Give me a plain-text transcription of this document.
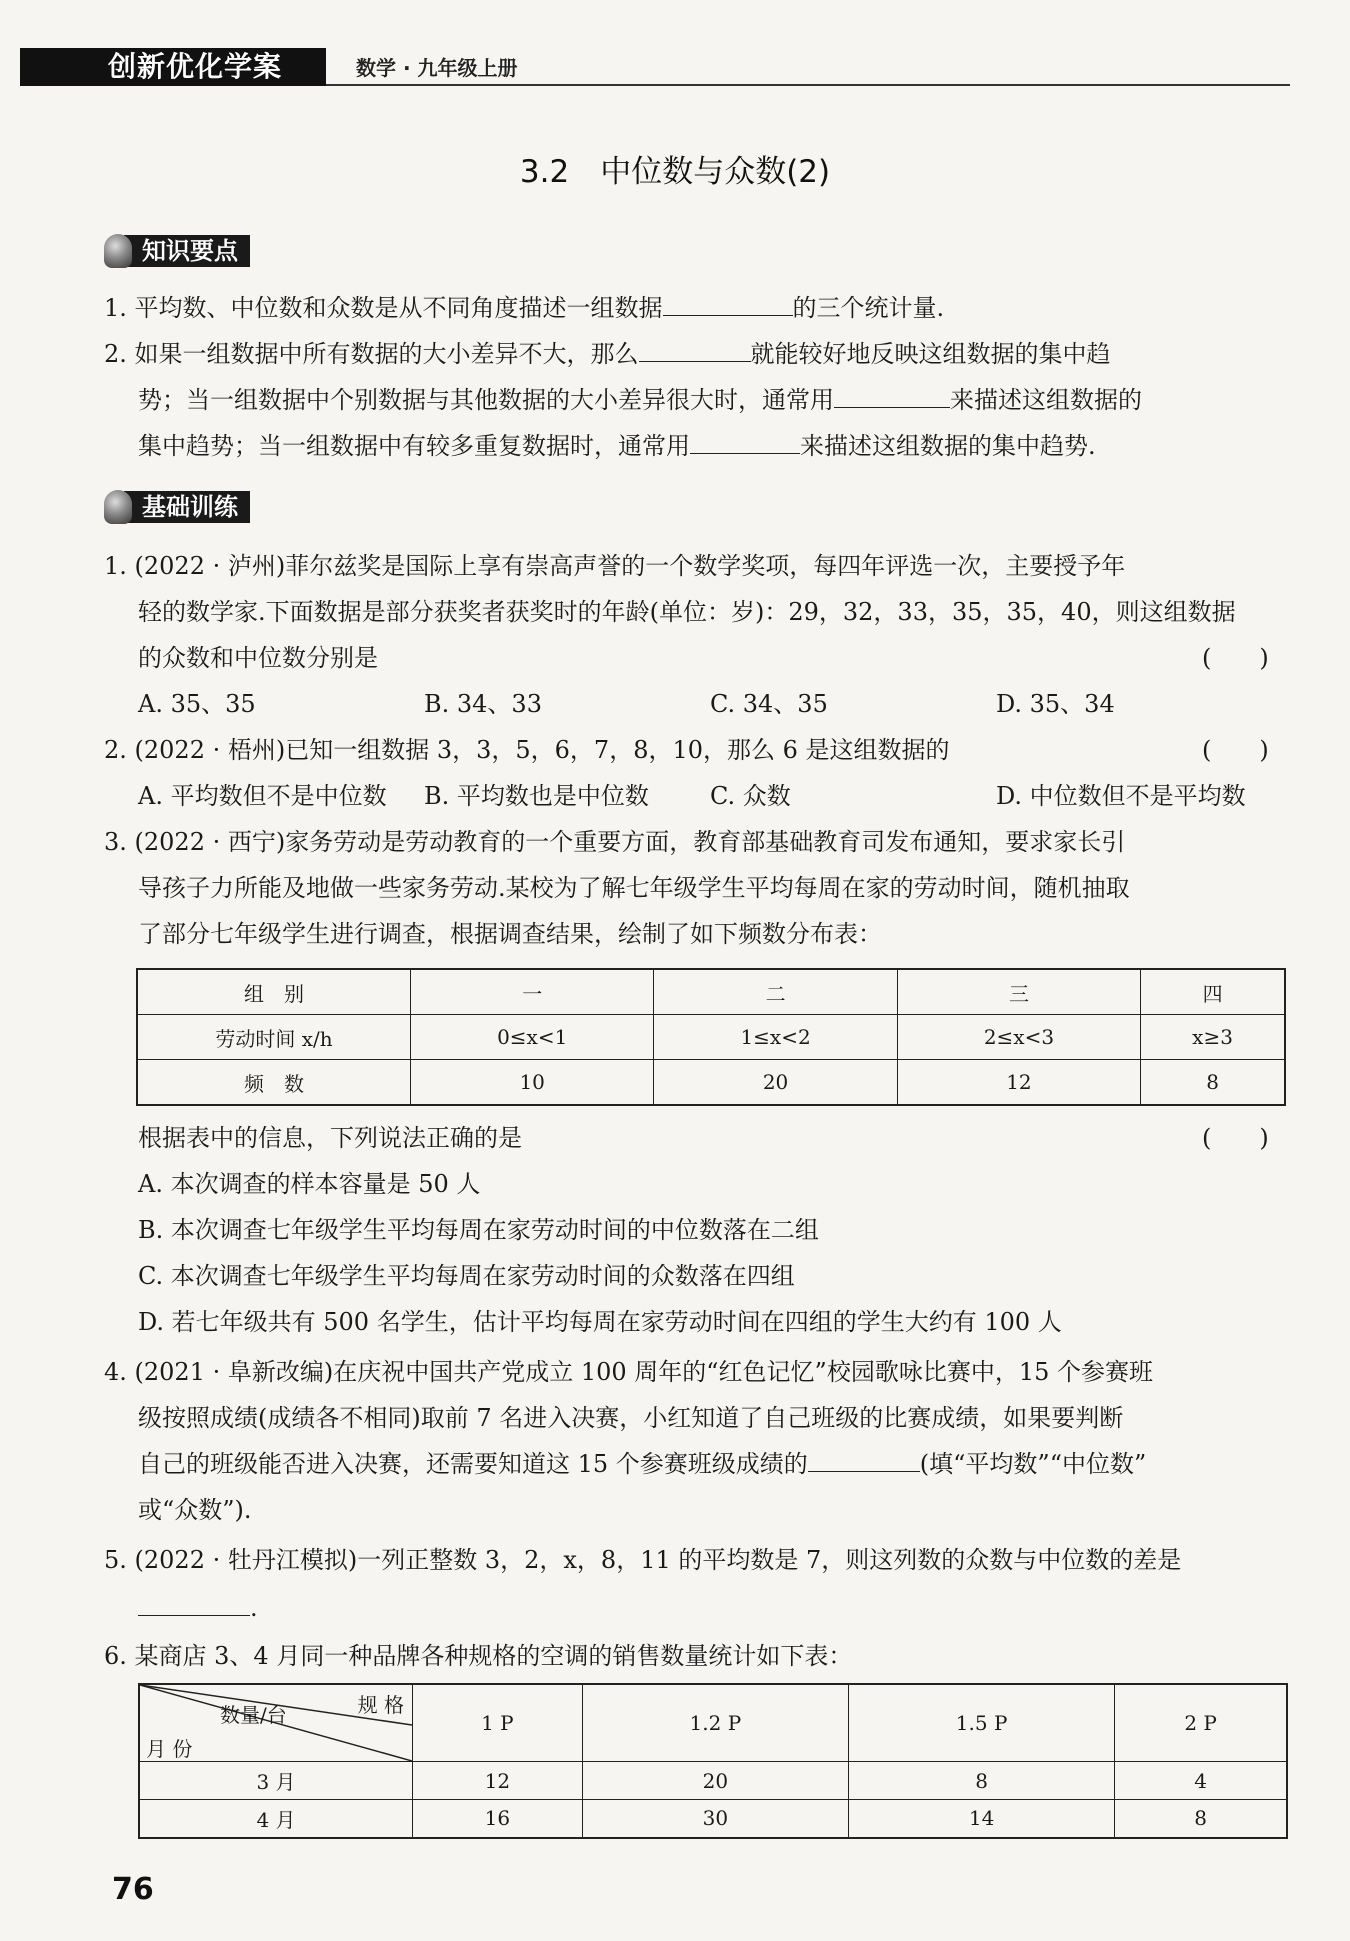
创新优化学案	数学 · 九年级上册
3.2　中位数与众数(2)
知识要点
1. 平均数、中位数和众数是从不同角度描述一组数据	的三个统计量.
2. 如果一组数据中所有数据的大小差异不大，那么	就能较好地反映这组数据的集中趋
势；当一组数据中个别数据与其他数据的大小差异很大时，通常用	来描述这组数据的
集中趋势；当一组数据中有较多重复数据时，通常用	来描述这组数据的集中趋势.
基础训练
1. (2022 · 泸州)菲尔兹奖是国际上享有崇高声誉的一个数学奖项，每四年评选一次，主要授予年
轻的数学家.下面数据是部分获奖者获奖时的年龄(单位：岁)：29，32，33，35，35，40，则这组数据
的众数和中位数分别是	(　　)
A. 35、35	B. 34、33	C. 34、35	D. 35、34
2. (2022 · 梧州)已知一组数据 3，3，5，6，7，8，10，那么 6 是这组数据的	(　　)
A. 平均数但不是中位数 B. 平均数也是中位数	C. 众数	D. 中位数但不是平均数
3. (2022 · 西宁)家务劳动是劳动教育的一个重要方面，教育部基础教育司发布通知，要求家长引
导孩子力所能及地做一些家务劳动.某校为了解七年级学生平均每周在家的劳动时间，随机抽取
了部分七年级学生进行调查，根据调查结果，绘制了如下频数分布表：
组　别	一	二	三	四
劳动时间 x/h	0≤x<1	1≤x<2	2≤x<3	x≥3
频　数	10	20	12	8
根据表中的信息，下列说法正确的是	(　　)
A. 本次调查的样本容量是 50 人
B. 本次调查七年级学生平均每周在家劳动时间的中位数落在二组
C. 本次调查七年级学生平均每周在家劳动时间的众数落在四组
D. 若七年级共有 500 名学生，估计平均每周在家劳动时间在四组的学生大约有 100 人
4. (2021 · 阜新改编)在庆祝中国共产党成立 100 周年的“红色记忆”校园歌咏比赛中，15 个参赛班
级按照成绩(成绩各不相同)取前 7 名进入决赛，小红知道了自己班级的比赛成绩，如果要判断
自己的班级能否进入决赛，还需要知道这 15 个参赛班级成绩的	(填“平均数”“中位数”
或“众数”).
5. (2022 · 牡丹江模拟)一列正整数 3，2，x，8，11 的平均数是 7，则这列数的众数与中位数的差是
.
6. 某商店 3、4 月同一种品牌各种规格的空调的销售数量统计如下表：
规 格
数量/台
月 份	1 P	1.2 P	1.5 P	2 P
3 月	12	20	8	4
4 月	16	30	14	8
76
